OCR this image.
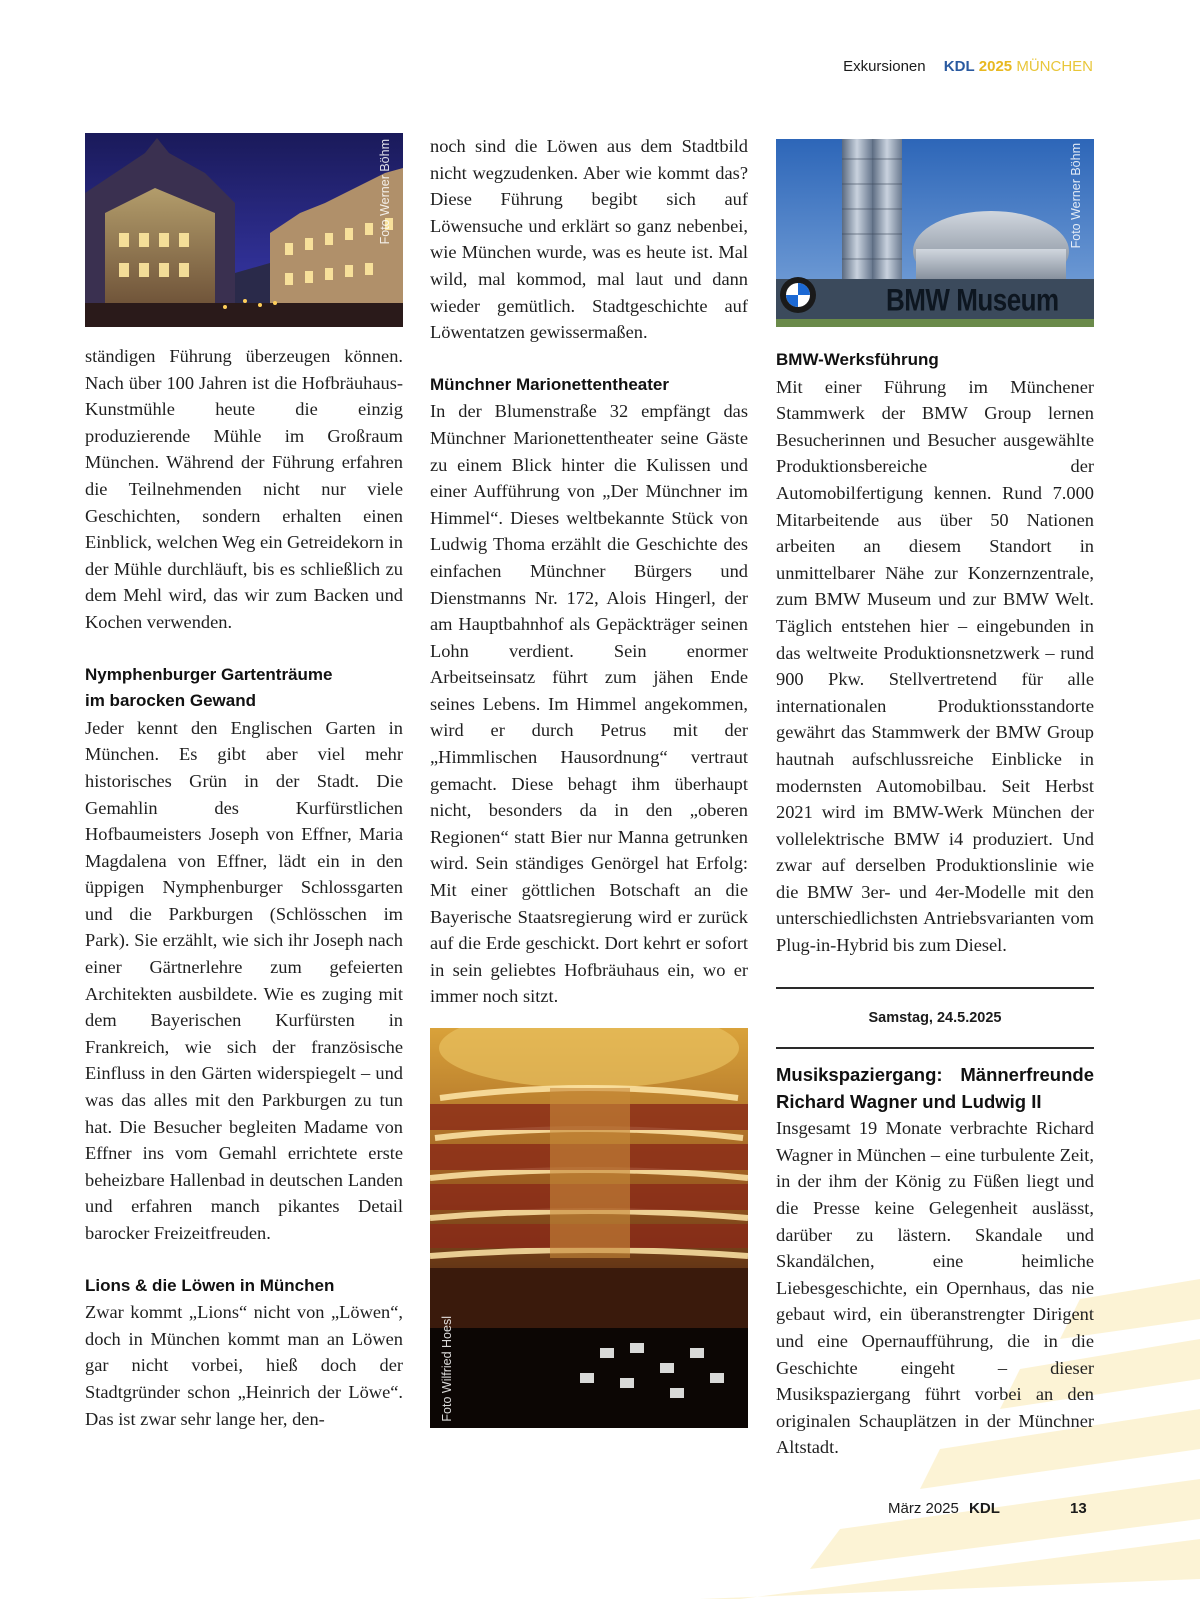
Exkursionen KDL 2025 MÜNCHEN
Foto Werner Böhm

ständigen Führung überzeugen können. Nach über 100 Jahren ist die Hofbräuhaus-Kunstmühle heute die einzig produzierende Mühle im Großraum München. Während der Führung erfahren die Teilnehmenden nicht nur viele Geschichten, sondern erhalten einen Einblick, welchen Weg ein Getreidekorn in der Mühle durchläuft, bis es schließlich zu dem Mehl wird, das wir zum Backen und Kochen verwenden.

Nymphenburger Gartenträume
im barocken Gewand

Jeder kennt den Englischen Garten in München. Es gibt aber viel mehr historisches Grün in der Stadt. Die Gemahlin des Kurfürstlichen Hofbaumeisters Joseph von Effner, Maria Magdalena von Effner, lädt ein in den üppigen Nymphenburger Schlossgarten und die Parkburgen (Schlösschen im Park). Sie erzählt, wie sich ihr Joseph nach einer Gärtnerlehre zum gefeierten Architekten ausbildete. Wie es zuging mit dem Bayerischen Kurfürsten in Frankreich, wie sich der französische Einfluss in den Gärten widerspiegelt – und was das alles mit den Parkburgen zu tun hat. Die Besucher begleiten Madame von Effner ins vom Gemahl errichtete erste beheizbare Hallenbad in deutschen Landen und erfahren manch pikantes Detail barocker Freizeitfreuden.

Lions & die Löwen in München

Zwar kommt „Lions“ nicht von „Löwen“, doch in München kommt man an Löwen gar nicht vorbei, hieß doch der Stadtgründer schon „Heinrich der Löwe“. Das ist zwar sehr lange her, den-

noch sind die Löwen aus dem Stadtbild nicht wegzudenken. Aber wie kommt das? Diese Führung begibt sich auf Löwensuche und erklärt so ganz nebenbei, wie München wurde, was es heute ist. Mal wild, mal kommod, mal laut und dann wieder gemütlich. Stadtgeschichte auf Löwentatzen gewissermaßen.

Münchner Marionettentheater

In der Blumenstraße 32 empfängt das Münchner Marionettentheater seine Gäste zu einem Blick hinter die Kulissen und einer Aufführung von „Der Münchner im Himmel“. Dieses weltbekannte Stück von Ludwig Thoma erzählt die Geschichte des einfachen Münchner Bürgers und Dienstmanns Nr. 172, Alois Hingerl, der am Hauptbahnhof als Gepäckträger seinen Lohn verdient. Sein enormer Arbeitseinsatz führt zum jähen Ende seines Lebens. Im Himmel angekommen, wird er durch Petrus mit der „Himmlischen Hausordnung“ vertraut gemacht. Diese behagt ihm überhaupt nicht, besonders da in den „oberen Regionen“ statt Bier nur Manna getrunken wird. Sein ständiges Genörgel hat Erfolg: Mit einer göttlichen Botschaft an die Bayerische Staatsregierung wird er zurück auf die Erde geschickt. Dort kehrt er sofort in sein geliebtes Hofbräuhaus ein, wo er immer noch sitzt.

Foto Wilfried Hoesl
BMW Museum
Foto Werner Böhm
BMW-Werksführung

Mit einer Führung im Münchener Stammwerk der BMW Group lernen Besucherinnen und Besucher ausgewählte Produktionsbereiche der Automobilfertigung kennen. Rund 7.000 Mitarbeitende aus über 50 Nationen arbeiten an diesem Standort in unmittelbarer Nähe zur Konzernzentrale, zum BMW Museum und zur BMW Welt. Täglich entstehen hier – eingebunden in das weltweite Produktionsnetzwerk – rund 900 Pkw. Stellvertretend für alle internationalen Produktionsstandorte gewährt das Stammwerk der BMW Group hautnah aufschlussreiche Einblicke in modernsten Automobilbau. Seit Herbst 2021 wird im BMW-Werk München der vollelektrische BMW i4 produziert. Und zwar auf derselben Produktionslinie wie die BMW 3er- und 4er-Modelle mit den unterschiedlichsten Antriebsvarianten vom Plug-in-Hybrid bis zum Diesel.

Samstag, 24.5.2025
Musikspaziergang: Männerfreunde Richard Wagner und Ludwig II

Insgesamt 19 Monate verbrachte Richard Wagner in München – eine turbulente Zeit, in der ihm der König zu Füßen liegt und die Presse keine Gelegenheit auslässt, darüber zu lästern. Skandale und Skandälchen, eine heimliche Liebesgeschichte, ein Opernhaus, das nie gebaut wird, ein überanstrengter Dirigent und eine Opernaufführung, die in die Geschichte eingeht – dieser Musikspaziergang führt vorbei an den originalen Schauplätzen in der Münchner Altstadt.

März 2025 KDL	13
